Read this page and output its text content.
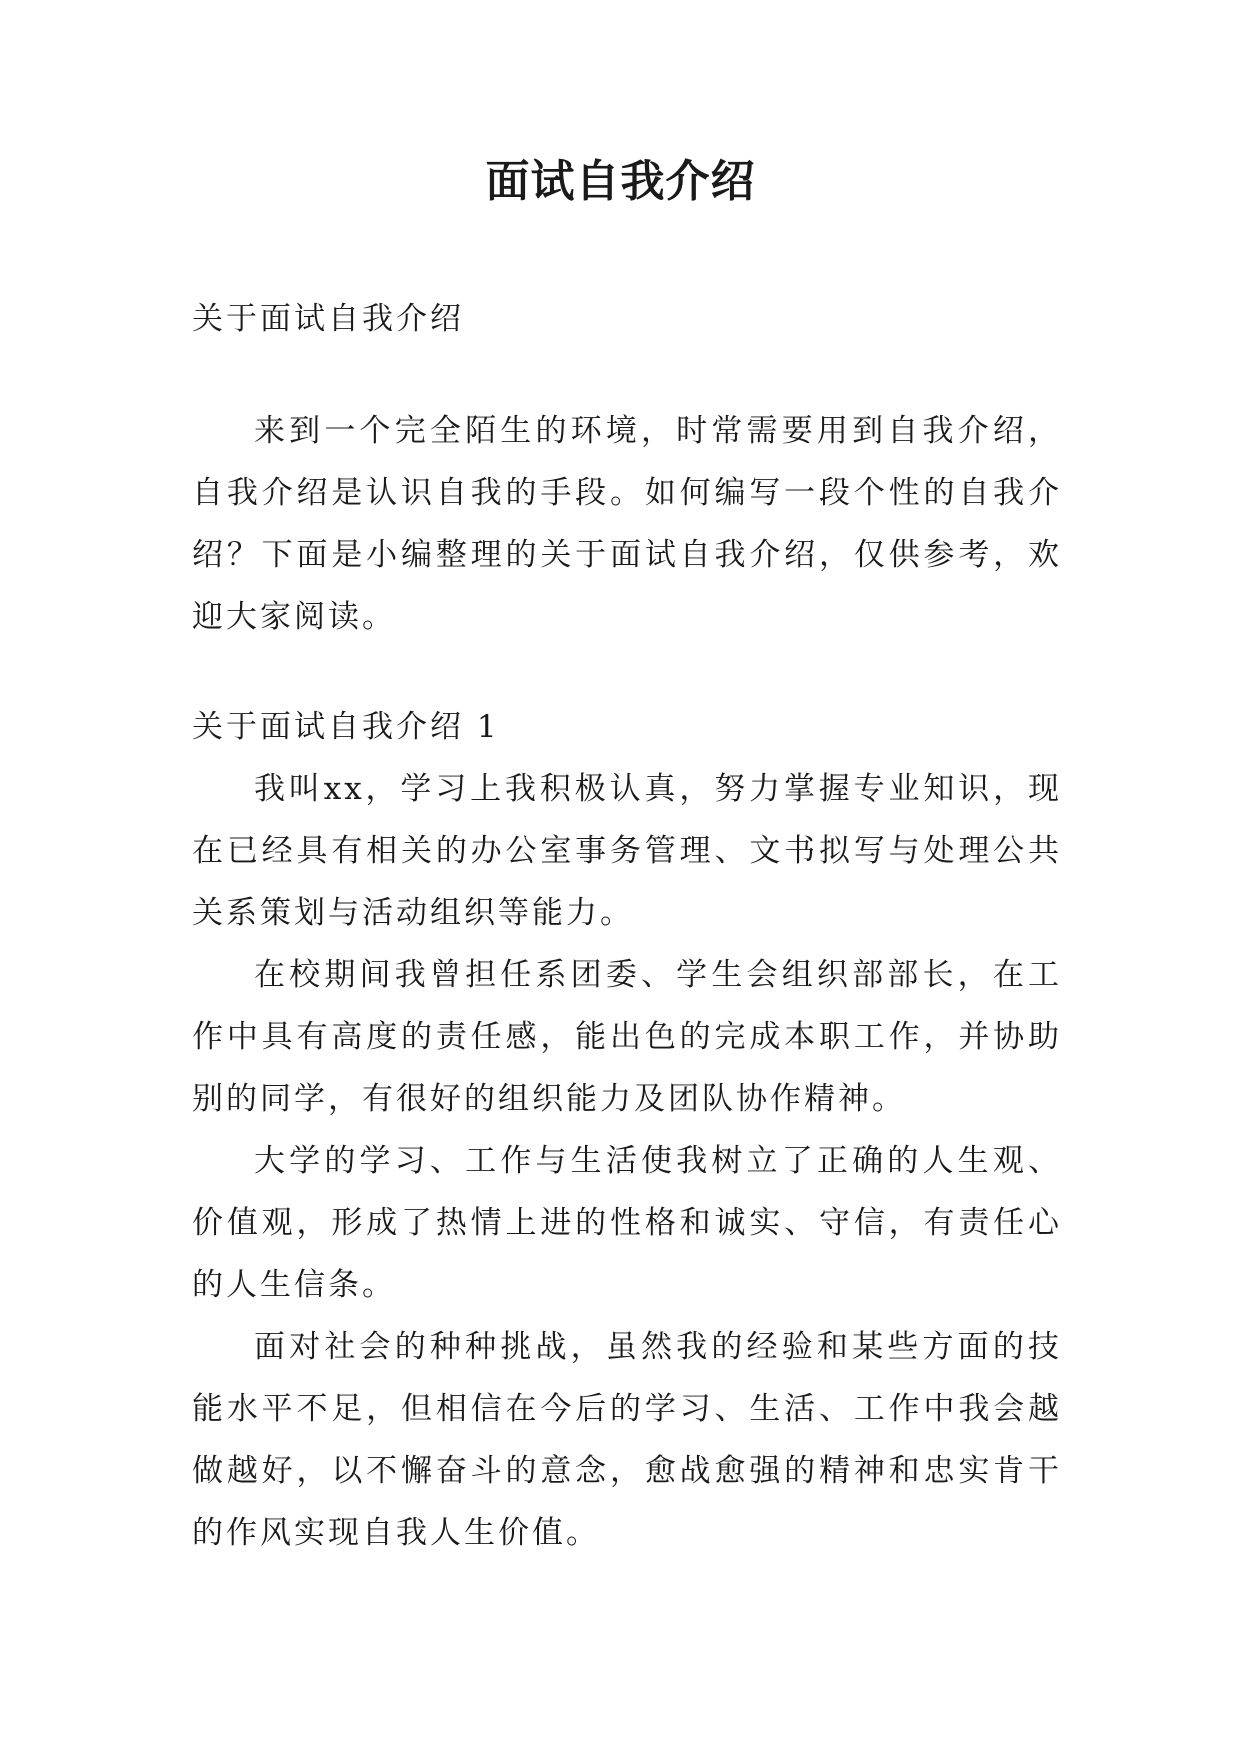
面试自我介绍

关于面试自我介绍

来到一个完全陌生的环境，时常需要用到自我介绍，自我介绍是认识自我的手段。如何编写一段个性的自我介绍？下面是小编整理的关于面试自我介绍，仅供参考，欢迎大家阅读。

关于面试自我介绍 1

我叫xx，学习上我积极认真，努力掌握专业知识，现在已经具有相关的办公室事务管理、文书拟写与处理公共关系策划与活动组织等能力。

在校期间我曾担任系团委、学生会组织部部长，在工作中具有高度的责任感，能出色的完成本职工作，并协助别的同学，有很好的组织能力及团队协作精神。

大学的学习、工作与生活使我树立了正确的人生观、价值观，形成了热情上进的性格和诚实、守信，有责任心的人生信条。

面对社会的种种挑战，虽然我的经验和某些方面的技能水平不足，但相信在今后的学习、生活、工作中我会越做越好，以不懈奋斗的意念，愈战愈强的精神和忠实肯干的作风实现自我人生价值。
